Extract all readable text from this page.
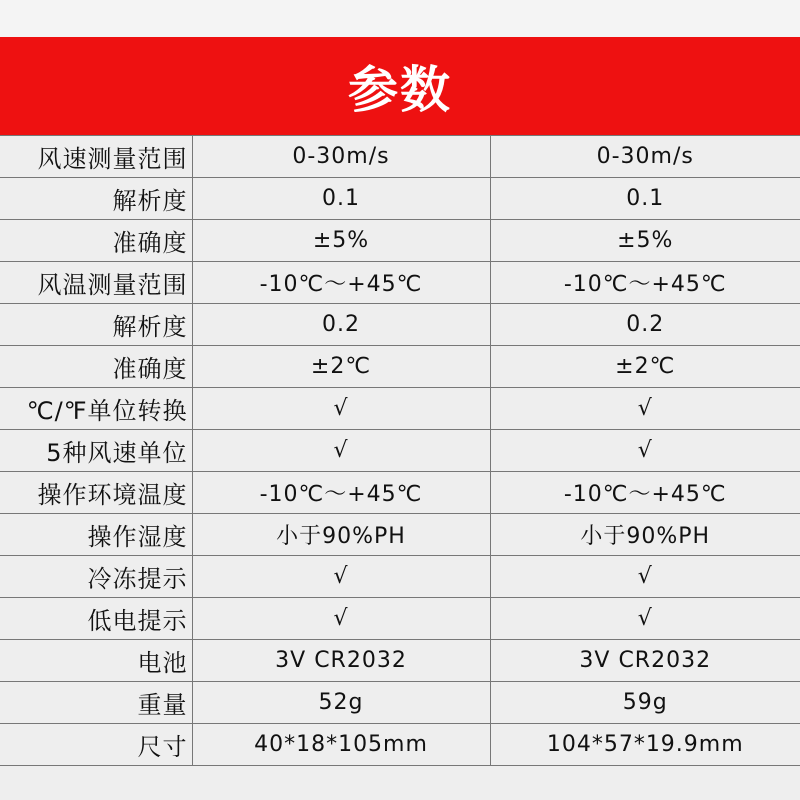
参数
风速测量范围	0-30m/s	0-30m/s
解析度	0.1	0.1
准确度	±5%	±5%
风温测量范围	-10℃～+45℃	-10℃～+45℃
解析度	0.2	0.2
准确度	±2℃	±2℃
℃/℉单位转换	√	√
5种风速单位	√	√
操作环境温度	-10℃～+45℃	-10℃～+45℃
操作湿度	小于90%PH	小于90%PH
冷冻提示	√	√
低电提示	√	√
电池	3V CR2032	3V CR2032
重量	52g	59g
尺寸	40*18*105mm	104*57*19.9mm
